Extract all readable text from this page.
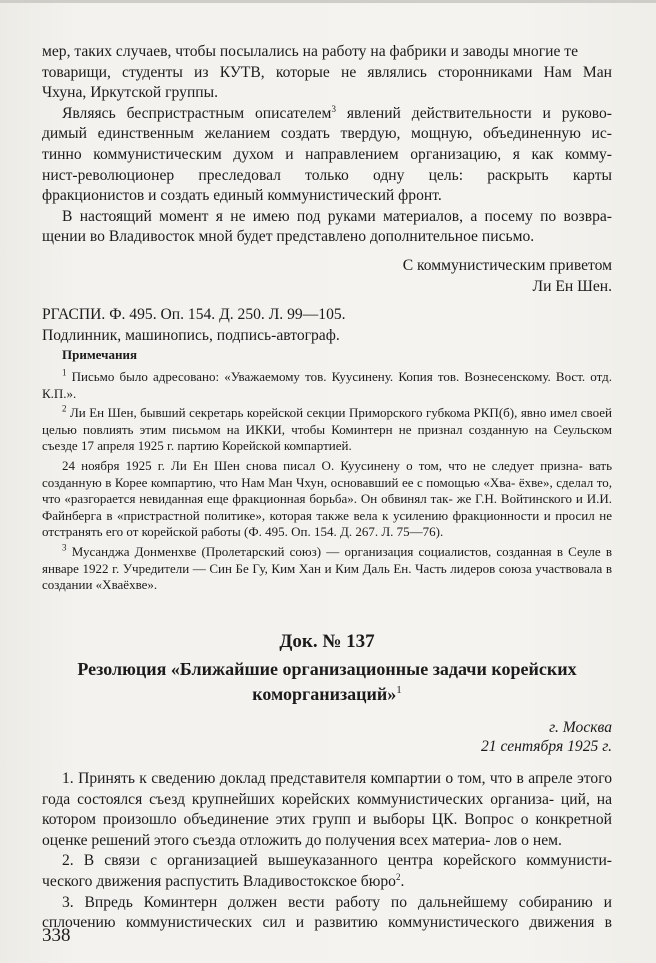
мер, таких случаев, чтобы посылались на работу на фабрики и заводы многие те

товарищи, студенты из КУТВ, которые не являлись сторонниками Нам Ман

Чхуна, Иркутской группы.

Являясь беспристрастным описателем$^3$ явлений действительности и руково-

димый единственным желанием создать твердую, мощную, объединенную ис-

тинно коммунистическим духом и направлением организацию, я как комму-

нист-революционер преследовал только одну цель: раскрыть карты

фракционистов и создать единый коммунистический фронт.

В настоящий момент я не имею под руками материалов, а посему по возвра-

щении во Владивосток мной будет представлено дополнительное письмо.

С коммунистическим приветом

Ли Ен Шен.

РГАСПИ. Ф. 495. Оп. 154. Д. 250. Л. 99—105.

Подлинник, машинопись, подпись-автограф.

Примечания

$^1$ Письмо было адресовано: «Уважаемому тов. Куусинену. Копия тов. Вознесенскому. Вост. отд. К.П.».

$^2$ Ли Ен Шен, бывший секретарь корейской секции Приморского губкома РКП(б), явно имел своей целью повлиять этим письмом на ИККИ, чтобы Коминтерн не признал созданную на Сеульском съезде 17 апреля 1925 г. партию Корейской компартией.

24 ноября 1925 г. Ли Ен Шен снова писал О. Куусинену о том, что не следует призна- вать созданную в Корее компартию, что Нам Ман Чхун, основавший ее с помощью «Хва- ёхве», сделал то, что «разгорается невиданная еще фракционная борьба». Он обвинял так- же Г.Н. Войтинского и И.И. Файнберга в «пристрастной политике», которая также вела к усилению фракционности и просил не отстранять его от корейской работы (Ф. 495. Оп. 154. Д. 267. Л. 75—76).

$^3$ Мусанджа Донменхве (Пролетарский союз) — организация социалистов, созданная в Сеуле в январе 1922 г. Учредители — Син Бе Гу, Ким Хан и Ким Даль Ен. Часть лидеров союза участвовала в создании «Хваёхве».

Док. № 137

Резолюция «Ближайшие организационные задачи корейских

коморганизаций»$^1$

г. Москва

21 сентября 1925 г.

1. Принять к сведению доклад представителя компартии о том, что в апреле этого года состоялся съезд крупнейших корейских коммунистических организа- ций, на котором произошло объединение этих групп и выборы ЦК. Вопрос о конкретной оценке решений этого съезда отложить до получения всех материа- лов о нем.

2. В связи с организацией вышеуказанного центра корейского коммунисти- ческого движения распустить Владивостокское бюро$^2$.

3. Впредь Коминтерн должен вести работу по дальнейшему собиранию и сплочению коммунистических сил и развитию коммунистического движения в

338
